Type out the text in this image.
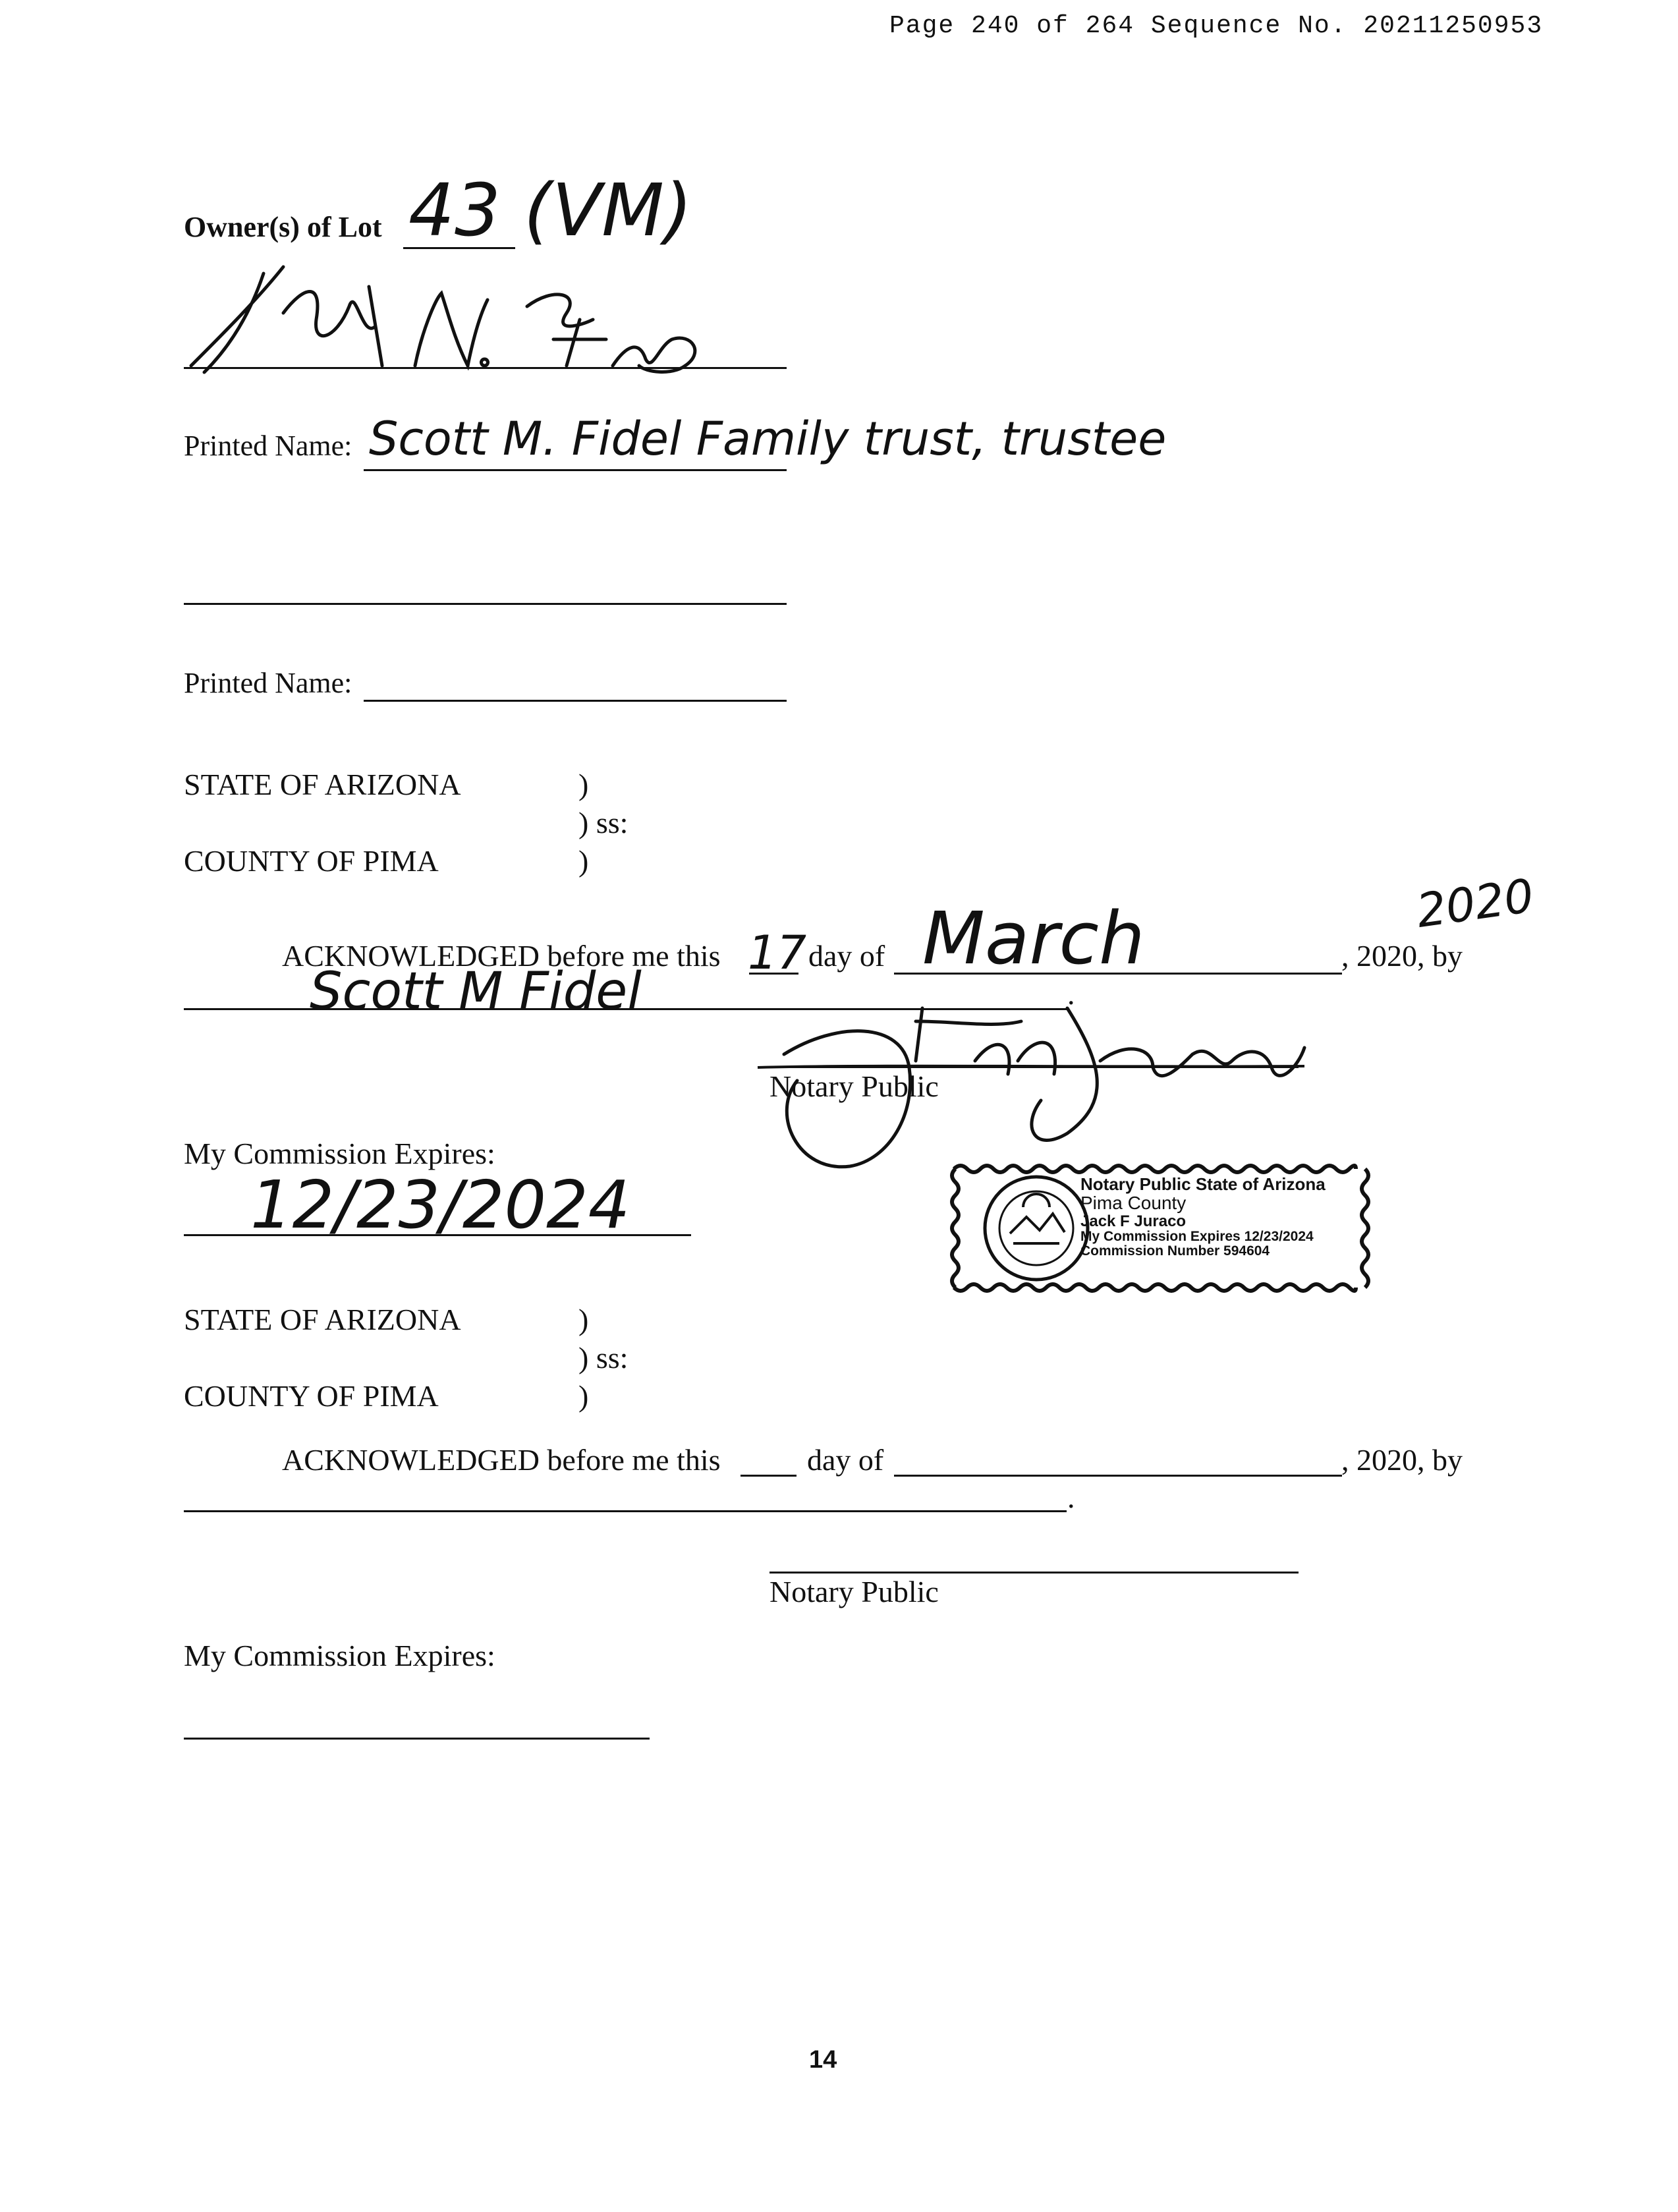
Page 240 of 264 Sequence No. 20211250953
Owner(s) of Lot 43 (VM)
Printed Name: Scott M. Fidel Family trust, trustee
Printed Name:
STATE OF ARIZONA	)
) ss:
COUNTY OF PIMA	)
ACKNOWLEDGED before me this 17 day of March	, 2020, by
2020
Scott M Fidel	.
Notary Public
My Commission Expires:
12/23/2024	Notary Public State of Arizona
Pima County
Jack F Juraco
My Commission Expires 12/23/2024
Commission Number 594604
STATE OF ARIZONA	)
) ss:
COUNTY OF PIMA	)
ACKNOWLEDGED before me this	day of	, 2020, by
.
Notary Public
My Commission Expires:
14
